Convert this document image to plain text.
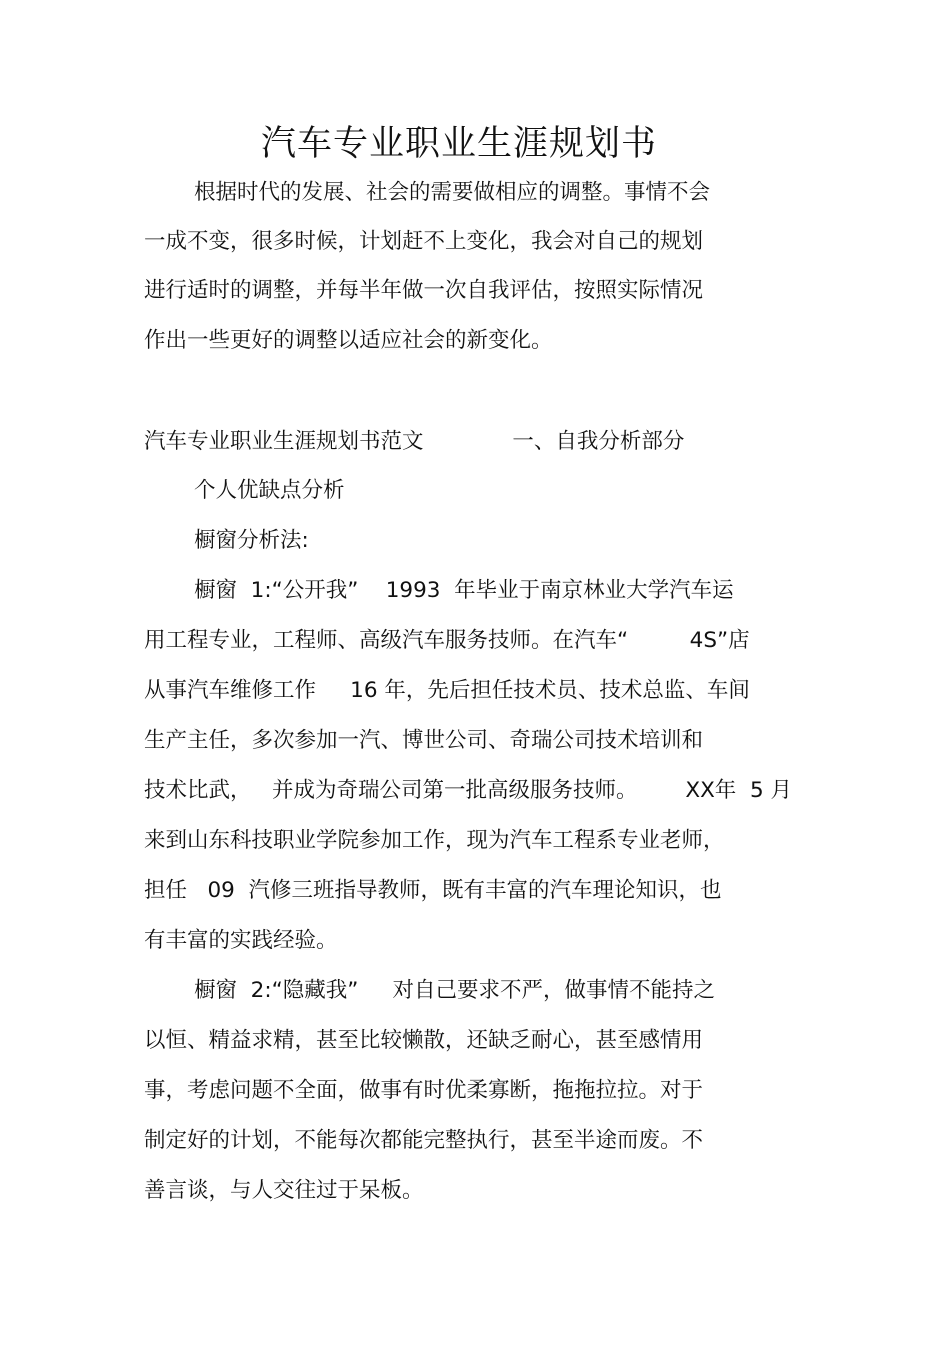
汽车专业职业生涯规划书
根据时代的发展、社会的需要做相应的调整。事情不会
一成不变，很多时候，计划赶不上变化，我会对自己的规划
进行适时的调整，并每半年做一次自我评估，按照实际情况
作出一些更好的调整以适应社会的新变化。
汽车专业职业生涯规划书范文             一、自我分析部分
个人优缺点分析
橱窗分析法:
橱窗  1:“公开我”    1993  年毕业于南京林业大学汽车运
用工程专业，工程师、高级汽车服务技师。在汽车“         4S”店
从事汽车维修工作     16 年，先后担任技术员、技术总监、车间
生产主任，多次参加一汽、博世公司、奇瑞公司技术培训和
技术比武，   并成为奇瑞公司第一批高级服务技师。       XX年  5 月
来到山东科技职业学院参加工作，现为汽车工程系专业老师，
担任   09  汽修三班指导教师，既有丰富的汽车理论知识，也
有丰富的实践经验。
橱窗  2:“隐藏我”     对自己要求不严，做事情不能持之
以恒、精益求精，甚至比较懒散，还缺乏耐心，甚至感情用
事，考虑问题不全面，做事有时优柔寡断，拖拖拉拉。对于
制定好的计划，不能每次都能完整执行，甚至半途而废。不
善言谈，与人交往过于呆板。
